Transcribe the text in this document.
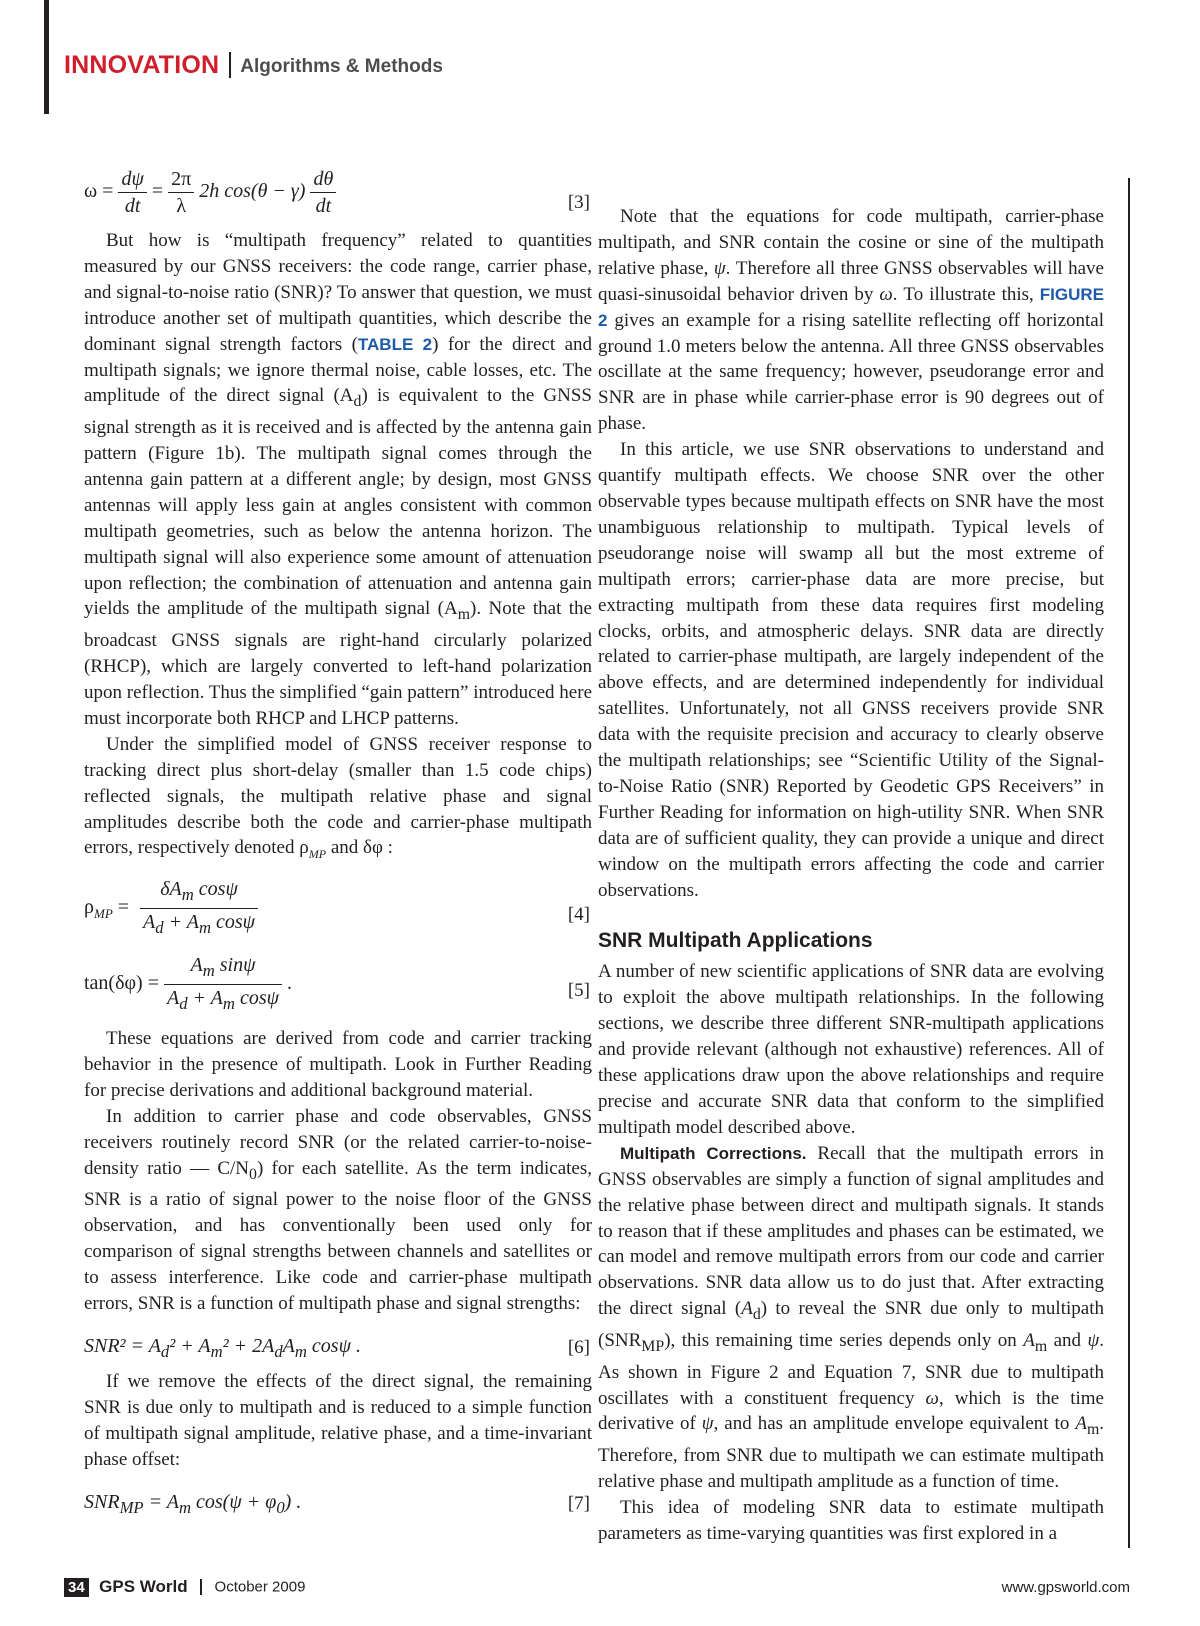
INNOVATION Algorithms & Methods
$\omega = \frac{d\psi}{dt} = \frac{2\pi}{\lambda} 2h$ $\cos(\theta - \gamma) \frac{d\theta}{dt}$	[3]

But how is “multipath frequency” related to quantities measured by our GNSS receivers: the code range, carrier phase, and signal-to-noise ratio (SNR)? To answer that question, we must introduce another set of multipath quantities, which describe the dominant signal strength factors (TABLE 2) for the direct and multipath signals; we ignore thermal noise, cable losses, etc. The amplitude of the direct signal $(A_d)$ is equivalent to the GNSS signal strength as it is received and is affected by the antenna gain pattern (Figure 1b). The multipath signal comes through the antenna gain pattern at a different angle; by design, most GNSS antennas will apply less gain at angles consistent with common multipath geometries, such as below the antenna horizon. The multipath signal will also experience some amount of attenuation upon reflection; the combination of attenuation and antenna gain yields the amplitude of the multipath signal $(A_m)$. Note that the broadcast GNSS signals are right-hand circularly polarized (RHCP), which are largely converted to left-hand polarization upon reflection. Thus the simplified “gain pattern” introduced here must incorporate both RHCP and LHCP patterns.

Under the simplified model of GNSS receiver response to tracking direct plus short-delay (smaller than 1.5 code chips) reflected signals, the multipath relative phase and signal amplitudes describe both the code and carrier-phase multipath errors, respectively denoted $\rho_{MP}$ and δφ :

$\rho_{MP} = \frac{\delta A_m \cos\psi}{A_d + A_m \cos\psi}$	[4]
$\tan(\delta\varphi) = \frac{A_m \sin\psi}{A_d + A_m \cos\psi}$ .	[5]

These equations are derived from code and carrier tracking behavior in the presence of multipath. Look in Further Reading for precise derivations and additional background material.

In addition to carrier phase and code observables, GNSS receivers routinely record SNR (or the related carrier-to-noise-density ratio — $C/N_0$) for each satellite. As the term indicates, SNR is a ratio of signal power to the noise floor of the GNSS observation, and has conventionally been used only for comparison of signal strengths between channels and satellites or to assess interference. Like code and carrier-phase multipath errors, SNR is a function of multipath phase and signal strengths:

$SNR^2 = A_d^2 + A_m^2 + 2A_dA_m$ cosψ .	[6]

If we remove the effects of the direct signal, the remaining SNR is due only to multipath and is reduced to a simple function of multipath signal amplitude, relative phase, and a time-invariant phase offset:

$SNR_{MP} = A_m$ $\cos(\psi + \varphi_0)$ .	[7]

Note that the equations for code multipath, carrier-phase multipath, and SNR contain the cosine or sine of the multipath relative phase, ψ. Therefore all three GNSS observables will have quasi-sinusoidal behavior driven by ω. To illustrate this, FIGURE 2 gives an example for a rising satellite reflecting off horizontal ground 1.0 meters below the antenna. All three GNSS observables oscillate at the same frequency; however, pseudorange error and SNR are in phase while carrier-phase error is 90 degrees out of phase.

In this article, we use SNR observations to understand and quantify multipath effects. We choose SNR over the other observable types because multipath effects on SNR have the most unambiguous relationship to multipath. Typical levels of pseudorange noise will swamp all but the most extreme of multipath errors; carrier-phase data are more precise, but extracting multipath from these data requires first modeling clocks, orbits, and atmospheric delays. SNR data are directly related to carrier-phase multipath, are largely independent of the above effects, and are determined independently for individual satellites. Unfortunately, not all GNSS receivers provide SNR data with the requisite precision and accuracy to clearly observe the multipath relationships; see “Scientific Utility of the Signal-to-Noise Ratio (SNR) Reported by Geodetic GPS Receivers” in Further Reading for information on high-utility SNR. When SNR data are of sufficient quality, they can provide a unique and direct window on the multipath errors affecting the code and carrier observations.

SNR Multipath Applications

A number of new scientific applications of SNR data are evolving to exploit the above multipath relationships. In the following sections, we describe three different SNR-multipath applications and provide relevant (although not exhaustive) references. All of these applications draw upon the above relationships and require precise and accurate SNR data that conform to the simplified multipath model described above.

Multipath Corrections. Recall that the multipath errors in GNSS observables are simply a function of signal amplitudes and the relative phase between direct and multipath signals. It stands to reason that if these amplitudes and phases can be estimated, we can model and remove multipath errors from our code and carrier observations. SNR data allow us to do just that. After extracting the direct signal $(A_d)$ to reveal the SNR due only to multipath $(SNR_{MP})$, this remaining time series depends only on $A_m$ and ψ. As shown in Figure 2 and Equation 7, SNR due to multipath oscillates with a constituent frequency ω, which is the time derivative of ψ, and has an amplitude envelope equivalent to $A_m$. Therefore, from SNR due to multipath we can estimate multipath relative phase and multipath amplitude as a function of time.

This idea of modeling SNR data to estimate multipath parameters as time-varying quantities was first explored in a

34 GPS World October 2009	www.gpsworld.com
